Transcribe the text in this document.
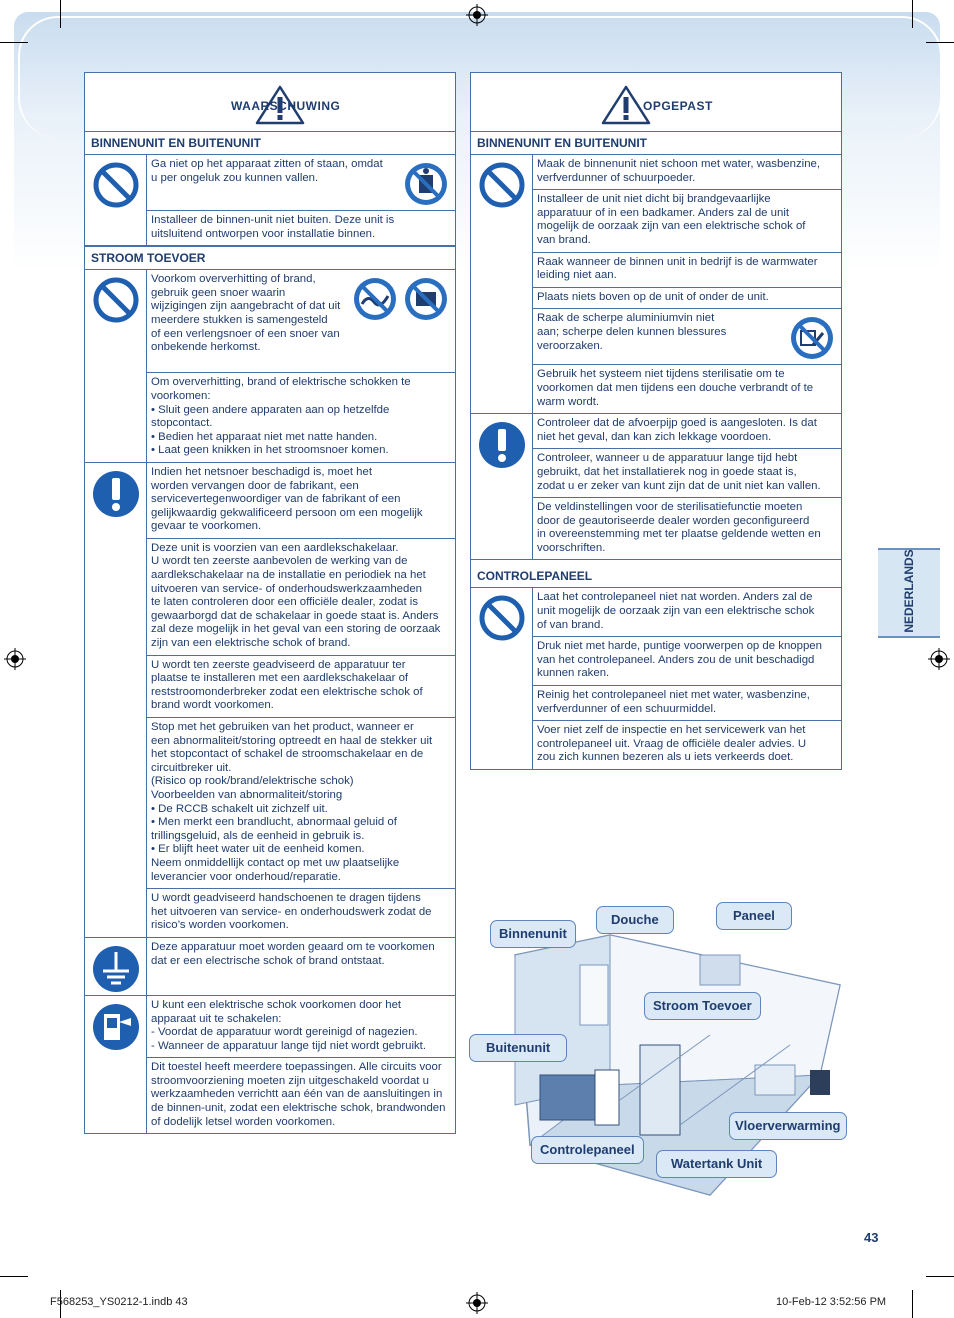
WAARSCHUWING
BINNENUNIT EN BUITENUNIT
Ga niet op het apparaat zitten of staan, omdat
u per ongeluk zou kunnen vallen.

Installeer de binnen-unit niet buiten. Deze unit is
uitsluitend ontworpen voor installatie binnen.
STROOM TOEVOER
Voorkom oververhitting of brand,
gebruik geen snoer waarin
wijzigingen zijn aangebracht of dat uit
meerdere stukken is samengesteld
of een verlengsnoer of een snoer van
onbekende herkomst.

Om oververhitting, brand of elektrische schokken te
voorkomen:
• Sluit geen andere apparaten aan op hetzelfde
stopcontact.
• Bedien het apparaat niet met natte handen.
• Laat geen knikken in het stroomsnoer komen.
Indien het netsnoer beschadigd is, moet het
worden vervangen door de fabrikant, een
servicevertegenwoordiger van de fabrikant of een
gelijkwaardig gekwalificeerd persoon om een mogelijk
gevaar te voorkomen.
Deze unit is voorzien van een aardlekschakelaar.
U wordt ten zeerste aanbevolen de werking van de
aardlekschakelaar na de installatie en periodiek na het
uitvoeren van service- of onderhoudswerkzaamheden
te laten controleren door een officiële dealer, zodat is
gewaarborgd dat de schakelaar in goede staat is. Anders
zal deze mogelijk in het geval van een storing de oorzaak
zijn van een elektrische schok of brand.
U wordt ten zeerste geadviseerd de apparatuur ter
plaatse te installeren met een aardlekschakelaar of
reststroomonderbreker zodat een elektrische schok of
brand wordt voorkomen.
Stop met het gebruiken van het product, wanneer er
een abnormaliteit/storing optreedt en haal de stekker uit
het stopcontact of schakel de stroomschakelaar en de
circuitbreker uit.
(Risico op rook/brand/elektrische schok)
Voorbeelden van abnormaliteit/storing
• De RCCB schakelt uit zichzelf uit.
• Men merkt een brandlucht, abnormaal geluid of
trillingsgeluid, als de eenheid in gebruik is.
• Er blijft heet water uit de eenheid komen.
Neem onmiddellijk contact op met uw plaatselijke
leverancier voor onderhoud/reparatie.
U wordt geadviseerd handschoenen te dragen tijdens
het uitvoeren van service- en onderhoudswerk zodat de
risico’s worden voorkomen.
Deze apparatuur moet worden geaard om te voorkomen
dat er een electrische schok of brand ontstaat.
U kunt een elektrische schok voorkomen door het
apparaat uit te schakelen:
- Voordat de apparatuur wordt gereinigd of nagezien.
- Wanneer de apparatuur lange tijd niet wordt gebruikt.
Dit toestel heeft meerdere toepassingen. Alle circuits voor
stroomvoorziening moeten zijn uitgeschakeld voordat u
werkzaamheden verrichtt aan één van de aansluitingen in
de binnen-unit, zodat een elektrische schok, brandwonden
of dodelijk letsel worden voorkomen.
OPGEPAST
BINNENUNIT EN BUITENUNIT
Maak de binnenunit niet schoon met water, wasbenzine,
verfverdunner of schuurpoeder.
Installeer de unit niet dicht bij brandgevaarlijke
apparatuur of in een badkamer. Anders zal de unit
mogelijk de oorzaak zijn van een elektrische schok of
van brand.
Raak wanneer de binnen unit in bedrijf is de warmwater
leiding niet aan.
Plaats niets boven op de unit of onder de unit.
Raak de scherpe aluminiumvin niet
aan; scherpe delen kunnen blessures
veroorzaken.

Gebruik het systeem niet tijdens sterilisatie om te
voorkomen dat men tijdens een douche verbrandt of te
warm wordt.
Controleer dat de afvoerpijp goed is aangesloten. Is dat
niet het geval, dan kan zich lekkage voordoen.
Controleer, wanneer u de apparatuur lange tijd hebt
gebruikt, dat het installatierek nog in goede staat is,
zodat u er zeker van kunt zijn dat de unit niet kan vallen.
De veldinstellingen voor de sterilisatiefunctie moeten
door de geautoriseerde dealer worden geconfigureerd
in overeenstemming met ter plaatse geldende wetten en
voorschriften.
CONTROLEPANEEL
Laat het controlepaneel niet nat worden. Anders zal de
unit mogelijk de oorzaak zijn van een elektrische schok
of van brand.
Druk niet met harde, puntige voorwerpen op de knoppen
van het controlepaneel. Anders zou de unit beschadigd
kunnen raken.
Reinig het controlepaneel niet met water, wasbenzine,
verfverdunner of een schuurmiddel.
Voer niet zelf de inspectie en het servicewerk van het
controlepaneel uit. Vraag de officiële dealer advies. U
zou zich kunnen bezeren als u iets verkeerds doet.
Binnenunit
Douche	Paneel
Stroom Toevoer
Buitenunit
Vloerverwarming
Controlepaneel
Watertank Unit
NEDERLANDS
43
F568253_YS0212-1.indb 43	10-Feb-12 3:52:56 PM
